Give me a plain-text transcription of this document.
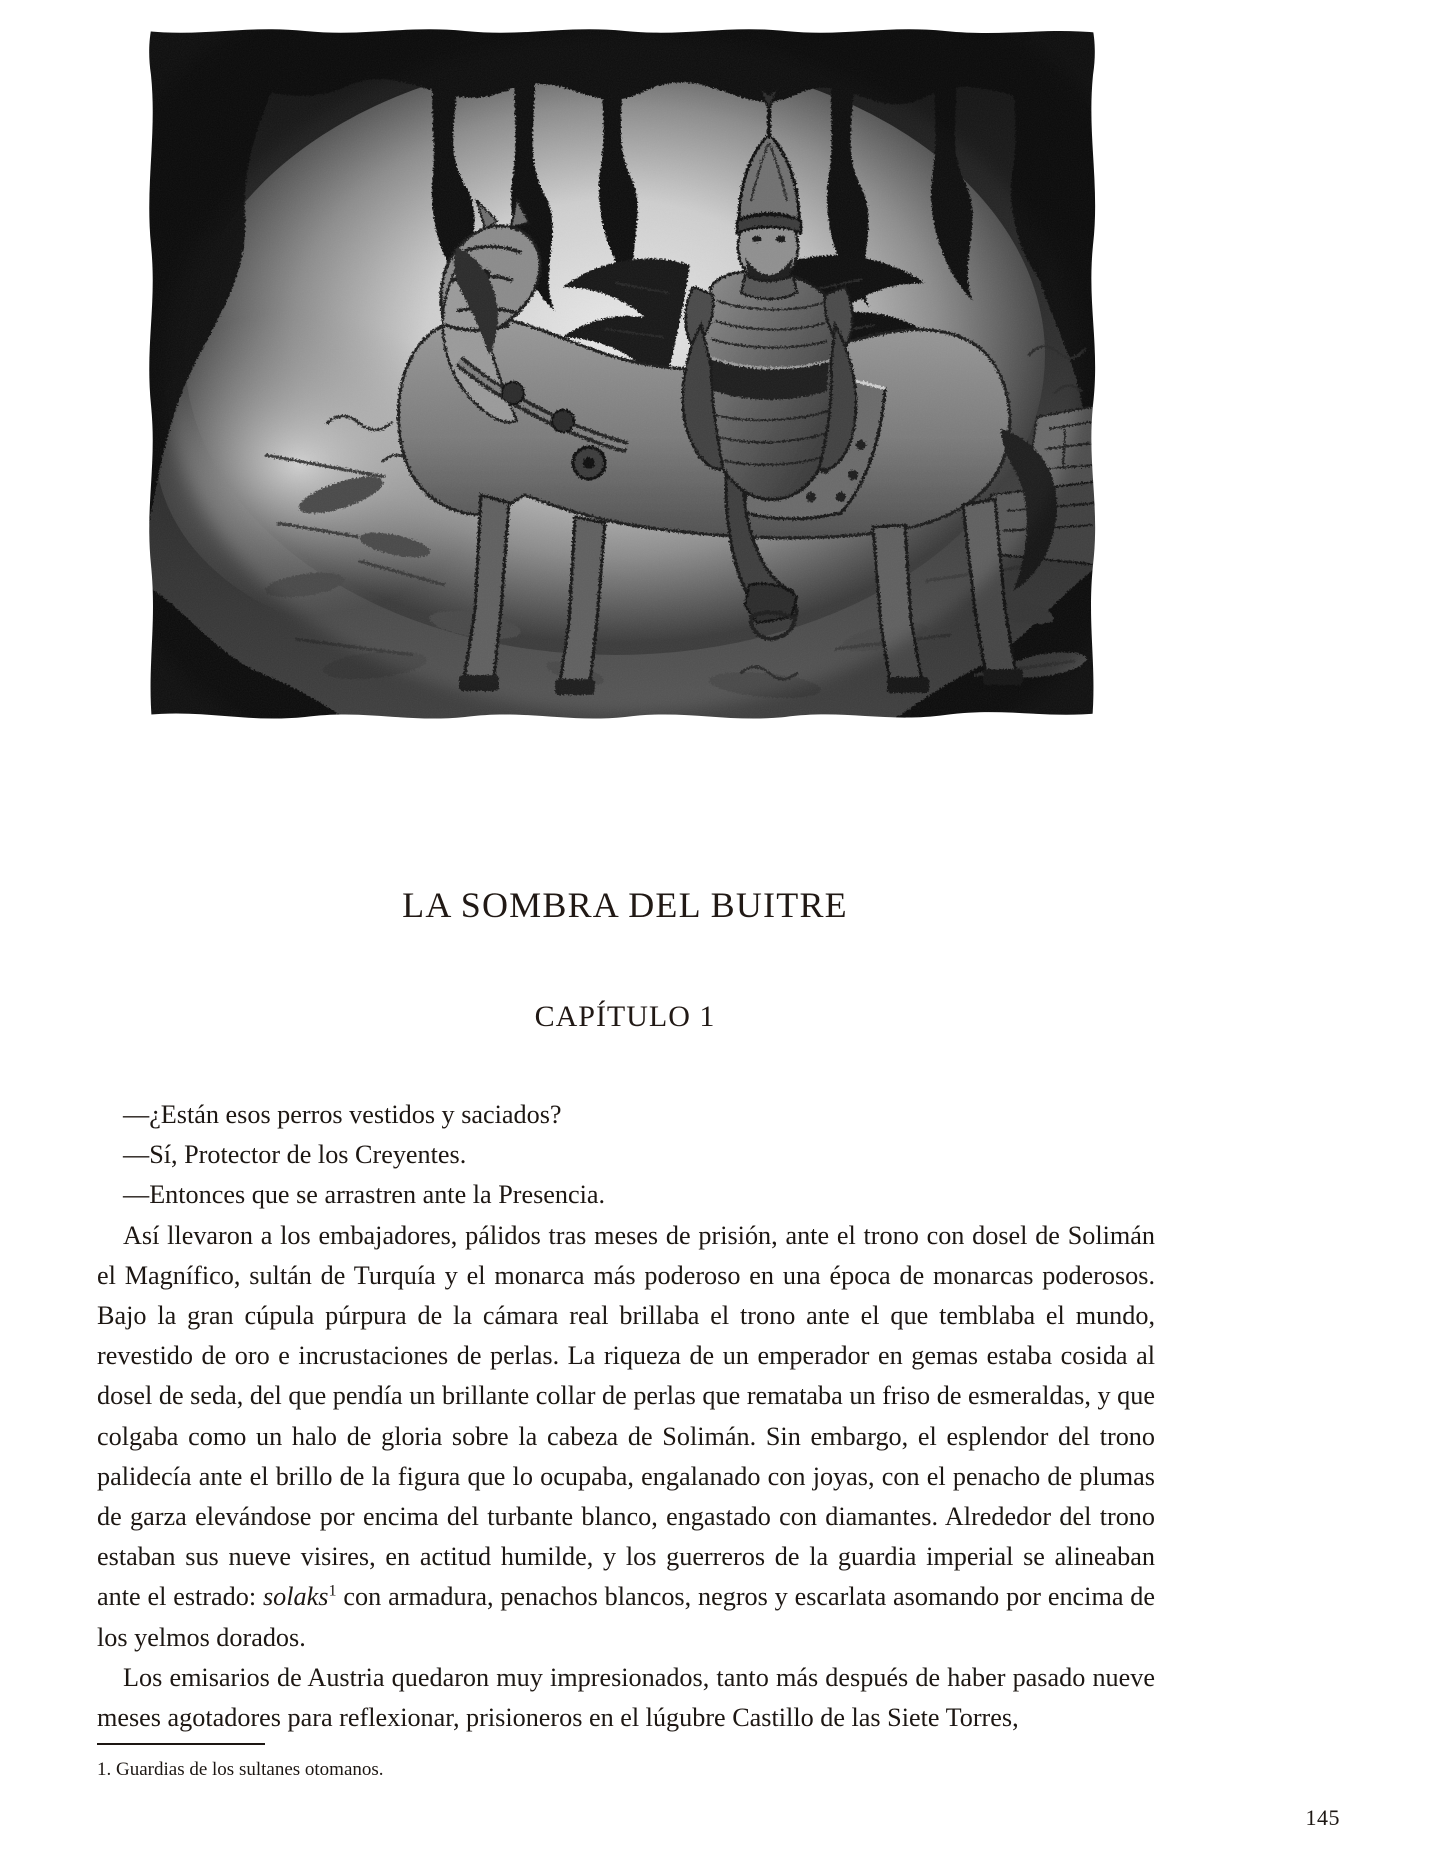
LA SOMBRA DEL BUITRE
CAPÍTULO 1

—¿Están esos perros vestidos y saciados?

—Sí, Protector de los Creyentes.

—Entonces que se arrastren ante la Presencia.

Así llevaron a los embajadores, pálidos tras meses de prisión, ante el trono con dosel de Solimán el Magnífico, sultán de Turquía y el monarca más poderoso en una época de monarcas poderosos. Bajo la gran cúpula púrpura de la cámara real brillaba el trono ante el que temblaba el mundo, revestido de oro e incrustaciones de perlas. La riqueza de un emperador en gemas estaba cosida al dosel de seda, del que pendía un brillante collar de perlas que remataba un friso de esmeraldas, y que colgaba como un halo de gloria sobre la cabeza de Solimán. Sin embargo, el esplendor del trono palidecía ante el brillo de la figura que lo ocupaba, engalanado con joyas, con el penacho de plumas de garza elevándose por encima del turbante blanco, engastado con diamantes. Alrededor del trono estaban sus nueve visires, en actitud humilde, y los guerreros de la guardia imperial se alineaban ante el estrado: solaks$^1$ con armadura, penachos blancos, negros y escarlata asomando por encima de los yelmos dorados.

Los emisarios de Austria quedaron muy impresionados, tanto más después de haber pasado nueve meses agotadores para reflexionar, prisioneros en el lúgubre Castillo de las Siete Torres,

1. Guardias de los sultanes otomanos.
145
